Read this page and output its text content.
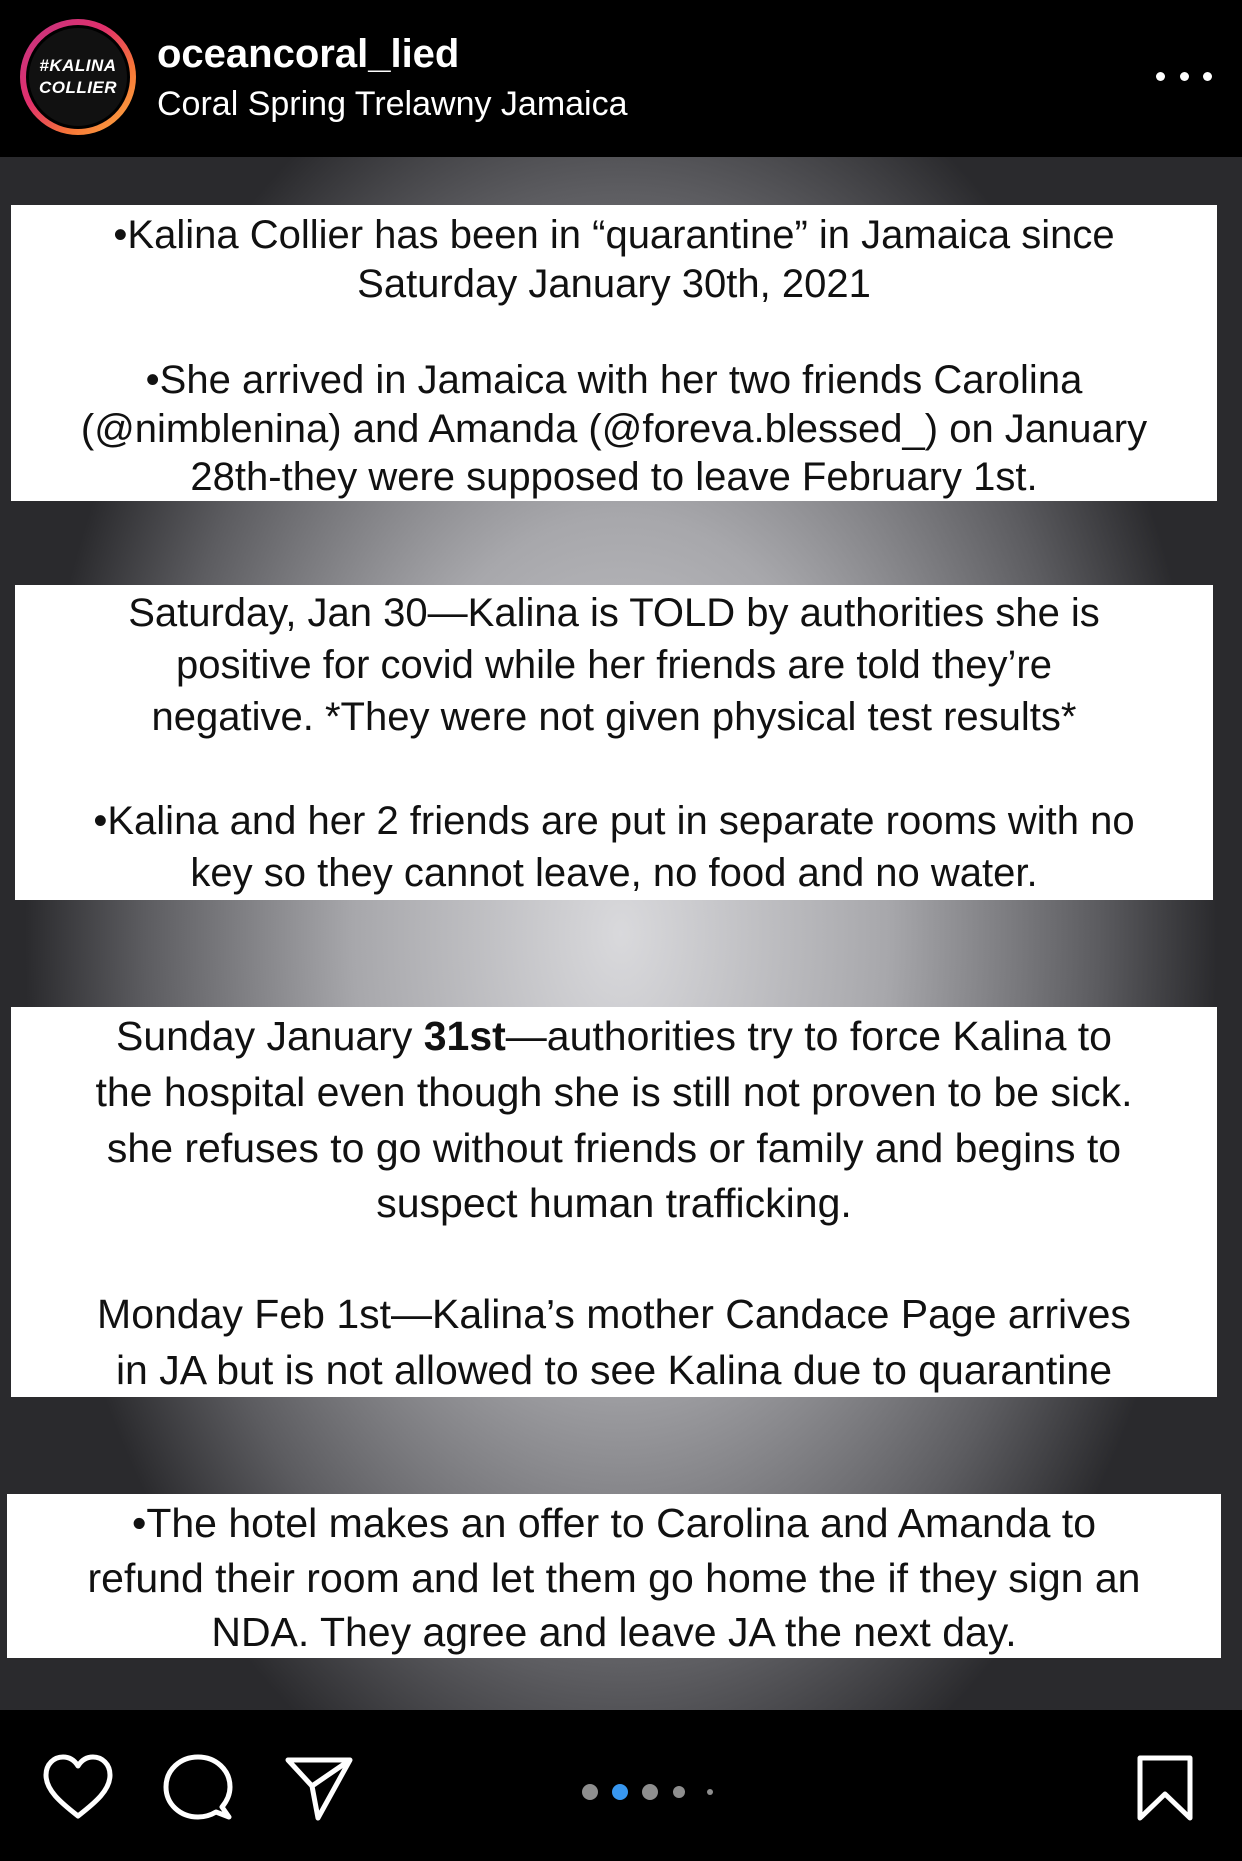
#KALINA
COLLIER
oceancoral_lied
Coral Spring Trelawny Jamaica

•Kalina Collier has been in “quarantine” in Jamaica since

Saturday January 30th, 2021

•She arrived in Jamaica with her two friends Carolina

(@nimblenina) and Amanda (@foreva.blessed_) on January

28th-they were supposed to leave February 1st.

Saturday, Jan 30—Kalina is TOLD by authorities she is

positive for covid while her friends are told they’re

negative. *They were not given physical test results*

•Kalina and her 2 friends are put in separate rooms with no

key so they cannot leave, no food and no water.

Sunday January 31st—authorities try to force Kalina to

the hospital even though she is still not proven to be sick.

she refuses to go without friends or family and begins to

suspect human trafficking.

Monday Feb 1st—Kalina’s mother Candace Page arrives

in JA but is not allowed to see Kalina due to quarantine

•The hotel makes an offer to Carolina and Amanda to

refund their room and let them go home the if they sign an

NDA. They agree and leave JA the next day.
